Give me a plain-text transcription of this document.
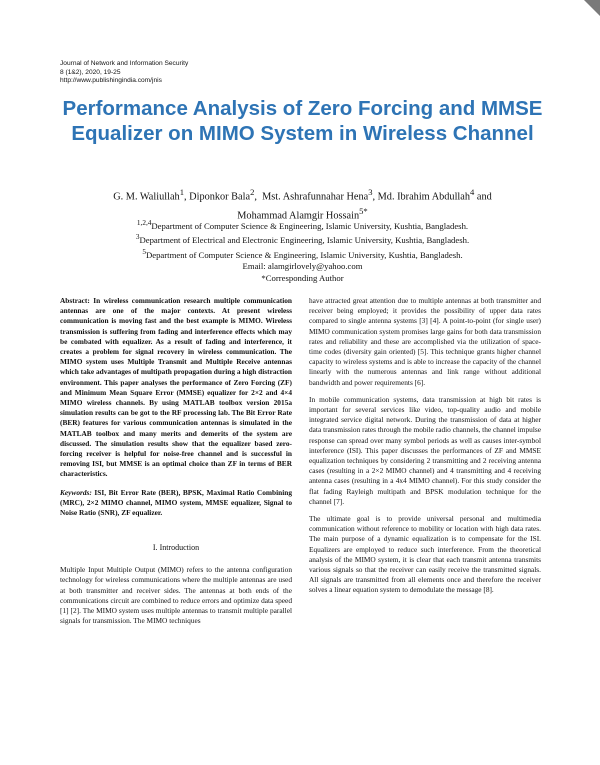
Journal of Network and Information Security
8 (1&2), 2020, 19-25
http://www.publishingindia.com/jnis
Performance Analysis of Zero Forcing and MMSE Equalizer on MIMO System in Wireless Channel
G. M. Waliullah$^1$, Diponkor Bala$^2$,  Mst. Ashrafunnahar Hena$^3$, Md. Ibrahim Abdullah$^4$ and
Mohammad Alamgir Hossain$^{5*}$
$^{1,2,4}$Department of Computer Science & Engineering, Islamic University, Kushtia, Bangladesh.
$^3$Department of Electrical and Electronic Engineering, Islamic University, Kushtia, Bangladesh.
$^5$Department of Computer Science & Engineering, Islamic University, Kushtia, Bangladesh.
Email: alamgirlovely@yahoo.com
*Corresponding Author

Abstract: In wireless communication research multiple communication antennas are one of the major contexts. At present wireless communication is moving fast and the best example is MIMO. Wireless transmission is suffering from fading and interference effects which may be combated with equalizer. As a result of fading and interference, it creates a problem for signal recovery in wireless communication. The MIMO system uses Multiple Transmit and Multiple Receive antennas which take advantages of multipath propagation during a high distraction environment. This paper analyses the performance of Zero Forcing (ZF) and Minimum Mean Square Error (MMSE) equalizer for 2×2 and 4×4 MIMO wireless channels. By using MATLAB toolbox version 2015a simulation results can be got to the RF processing lab. The Bit Error Rate (BER) features for various communication antennas is simulated in the MATLAB toolbox and many merits and demerits of the system are discussed. The simulation results show that the equalizer based zero-forcing receiver is helpful for noise-free channel and is successful in removing ISI, but MMSE is an optimal choice than ZF in terms of BER characteristics.

Keywords: ISI, Bit Error Rate (BER), BPSK, Maximal Ratio Combining (MRC), 2×2 MIMO channel, MIMO system, MMSE equalizer, Signal to Noise Ratio (SNR), ZF equalizer.

I. Introduction

Multiple Input Multiple Output (MIMO) refers to the antenna configuration technology for wireless communications where the multiple antennas are used at both transmitter and receiver sides. The antennas at both ends of the communications circuit are combined to reduce errors and optimize data speed [1] [2]. The MIMO system uses multiple antennas to transmit multiple parallel signals for transmission. The MIMO techniques

have attracted great attention due to multiple antennas at both transmitter and receiver being employed; it provides the possibility of upper data rates compared to single antenna systems [3] [4]. A point-to-point (for single user) MIMO communication system promises large gains for both data transmission rates and reliability and these are accomplished via the utilization of space-time codes (diversity gain oriented) [5]. This technique grants higher channel capacity to wireless systems and is able to increase the capacity of the channel linearly with the numerous antennas and link range without additional bandwidth and power requirements [6].

In mobile communication systems, data transmission at high bit rates is important for several services like video, top-quality audio and mobile integrated service digital network. During the transmission of data at higher data transmission rates through the mobile radio channels, the channel impulse response can spread over many symbol periods as well as causes inter-symbol interference (ISI). This paper discusses the performances of ZF and MMSE equalization techniques by considering 2 transmitting and 2 receiving antenna cases (resulting in a 2×2 MIMO channel) and 4 transmitting and 4 receiving antenna cases (resulting in a 4x4 MIMO channel). For this study consider the flat fading Rayleigh multipath and BPSK modulation technique for the channel [7].

The ultimate goal is to provide universal personal and multimedia communication without reference to mobility or location with high data rates. The main purpose of a dynamic equalization is to compensate for the ISI. Equalizers are employed to reduce such interference. From the theoretical analysis of the MIMO system, it is clear that each transmit antenna transmits various signals so that the receiver can easily receive the transmitted signals. All signals are transmitted from all elements once and therefore the receiver solves a linear equation system to demodulate the message [8].
